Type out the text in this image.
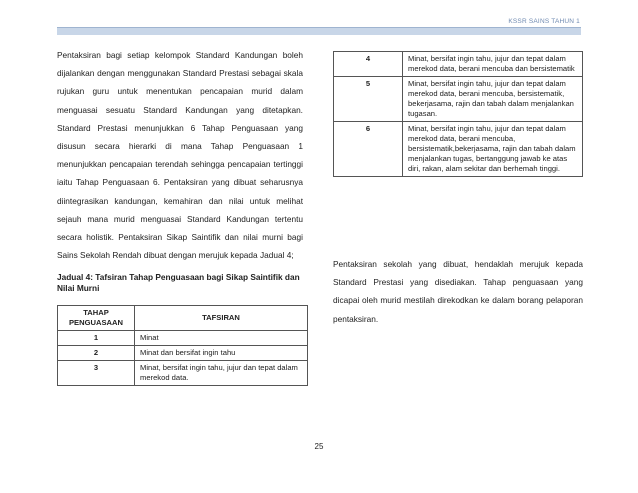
KSSR SAINS TAHUN 1

Pentaksiran bagi setiap kelompok Standard Kandungan boleh dijalankan dengan menggunakan Standard Prestasi sebagai skala rujukan guru untuk menentukan pencapaian murid dalam menguasai sesuatu Standard Kandungan yang ditetapkan. Standard Prestasi menunjukkan 6 Tahap Penguasaan yang disusun secara hierarki di mana Tahap Penguasaan 1 menunjukkan pencapaian terendah sehingga pencapaian tertinggi iaitu Tahap Penguasaan 6. Pentaksiran yang dibuat seharusnya diintegrasikan kandungan, kemahiran dan nilai untuk melihat sejauh mana murid menguasai Standard Kandungan tertentu secara holistik. Pentaksiran Sikap Saintifik dan nilai murni bagi Sains Sekolah Rendah dibuat dengan merujuk kepada Jadual 4;

Jadual 4: Tafsiran Tahap Penguasaan bagi Sikap Saintifik dan Nilai Murni
TAHAP PENGUASAAN	TAFSIRAN
1	Minat
2	Minat dan bersifat ingin tahu
3	Minat, bersifat ingin tahu, jujur dan tepat dalam merekod data.
4	Minat, bersifat ingin tahu, jujur dan tepat dalam merekod data, berani mencuba dan bersistematik
5	Minat, bersifat ingin tahu, jujur dan tepat dalam merekod data, berani mencuba, bersistematik, bekerjasama, rajin dan tabah dalam menjalankan tugasan.
6	Minat, bersifat ingin tahu, jujur dan tepat dalam merekod data, berani mencuba, bersistematik,bekerjasama, rajin dan tabah dalam menjalankan tugas, bertanggung jawab ke atas diri, rakan, alam sekitar dan berhemah tinggi.

Pentaksiran sekolah yang dibuat, hendaklah merujuk kepada Standard Prestasi yang disediakan. Tahap penguasaan yang dicapai oleh murid mestilah direkodkan ke dalam borang pelaporan pentaksiran.

25
